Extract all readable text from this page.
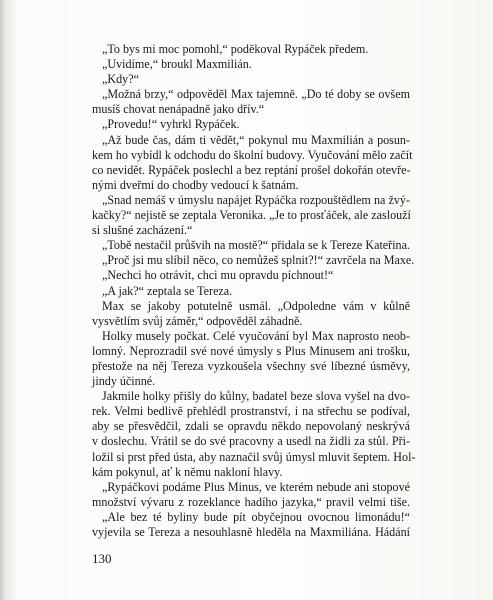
„To bys mi moc pomohl,“ poděkoval Rypáček předem.
„Uvidíme,“ broukl Maxmilián.
„Kdy?“
„Možná brzy,“ odpověděl Max tajemně. „Do té doby se ovšem
musíš chovat nenápadně jako dřív.“
„Provedu!“ vyhrkl Rypáček.
„Až bude čas, dám ti vědět,“ pokynul mu Maxmilián a posun-
kem ho vybídl k odchodu do školní budovy. Vyučování mělo začít
co nevidět. Rypáček poslechl a bez reptání prošel dokořán otevře-
nými dveřmi do chodby vedoucí k šatnám.
„Snad nemáš v úmyslu napájet Rypáčka rozpouštědlem na žvý-
kačky?“ nejistě se zeptala Veronika. „Je to prosťáček, ale zaslouží
si slušné zacházení.“
„Tobě nestačil průšvih na mostě?“ přidala se k Tereze Kateřina.
„Proč jsi mu slíbil něco, co nemůžeš splnit?!“ zavrčela na Maxe.
„Nechci ho otrávit, chci mu opravdu píchnout!“
„A jak?“ zeptala se Tereza.
Max se jakoby potutelně usmál. „Odpoledne vám v kůlně
vysvětlím svůj záměr,“ odpověděl záhadně.
Holky musely počkat. Celé vyučování byl Max naprosto neob-
lomný. Neprozradil své nové úmysly s Plus Minusem ani trošku,
přestože na něj Tereza vyzkoušela všechny své líbezné úsměvy,
jindy účinné.
Jakmile holky přišly do kůlny, badatel beze slova vyšel na dvo-
rek. Velmi bedlivě přehlédl prostranství, i na střechu se podíval,
aby se přesvědčil, zdali se opravdu někdo nepovolaný neskrývá
v doslechu. Vrátil se do své pracovny a usedl na židli za stůl. Při-
ložil si prst před ústa, aby naznačil svůj úmysl mluvit šeptem. Hol-
kám pokynul, ať k němu nakloní hlavy.
„Rypáčkovi podáme Plus Minus, ve kterém nebude ani stopové
množství vývaru z rozeklance hadího jazyka,“ pravil velmi tiše.
„Ale bez té byliny bude pít obyčejnou ovocnou limonádu!“
vyjevila se Tereza a nesouhlasně hleděla na Maxmiliána. Hádání
130
